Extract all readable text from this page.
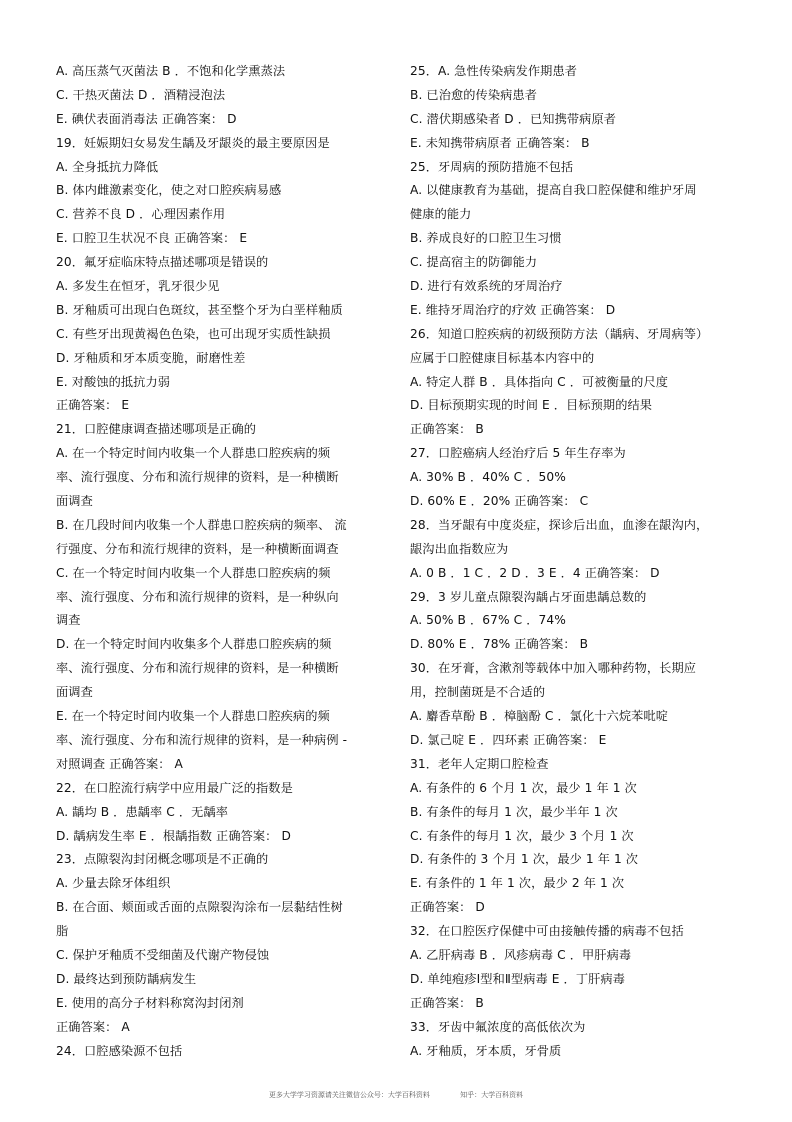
A. 高压蒸气灭菌法 B ．不饱和化学熏蒸法
C. 干热灭菌法 D ．酒精浸泡法
E. 碘伏表面消毒法 正确答案： D
19．妊娠期妇女易发生龋及牙龈炎的最主要原因是
A. 全身抵抗力降低
B. 体内雌激素变化，使之对口腔疾病易感
C. 营养不良 D ．心理因素作用
E. 口腔卫生状况不良 正确答案： E
20．氟牙症临床特点描述哪项是错误的
A. 多发生在恒牙，乳牙很少见
B. 牙釉质可出现白色斑纹，甚至整个牙为白垩样釉质
C. 有些牙出现黄褐色色染，也可出现牙实质性缺损
D. 牙釉质和牙本质变脆，耐磨性差
E. 对酸蚀的抵抗力弱
正确答案： E
21．口腔健康调查描述哪项是正确的
A. 在一个特定时间内收集一个人群患口腔疾病的频
率、流行强度、分布和流行规律的资料，是一种横断
面调查
B. 在几段时间内收集一个人群患口腔疾病的频率、 流
行强度、分布和流行规律的资料，是一种横断面调查
C. 在一个特定时间内收集一个人群患口腔疾病的频
率、流行强度、分布和流行规律的资料，是一种纵向
调查
D. 在一个特定时间内收集多个人群患口腔疾病的频
率、流行强度、分布和流行规律的资料，是一种横断
面调查
E. 在一个特定时间内收集一个人群患口腔疾病的频
率、流行强度、分布和流行规律的资料，是一种病例 -
对照调查 正确答案： A
22．在口腔流行病学中应用最广泛的指数是
A. 龋均 B ．患龋率 C ．无龋率
D. 龋病发生率 E ．根龋指数 正确答案： D
23．点隙裂沟封闭概念哪项是不正确的
A. 少量去除牙体组织
B. 在合面、颊面或舌面的点隙裂沟涂布一层黏结性树
脂
C. 保护牙釉质不受细菌及代谢产物侵蚀
D. 最终达到预防龋病发生
E. 使用的高分子材料称窝沟封闭剂
正确答案： A
24．口腔感染源不包括
25．A. 急性传染病发作期患者
B. 已治愈的传染病患者
C. 潜伏期感染者 D ．已知携带病原者
E. 未知携带病原者 正确答案： B
25．牙周病的预防措施不包括
A. 以健康教育为基础，提高自我口腔保健和维护牙周
健康的能力
B. 养成良好的口腔卫生习惯
C. 提高宿主的防御能力
D. 进行有效系统的牙周治疗
E. 维持牙周治疗的疗效 正确答案： D
26．知道口腔疾病的初级预防方法（龋病、牙周病等）
应属于口腔健康目标基本内容中的
A. 特定人群 B ．具体指向 C ．可被衡量的尺度
D. 目标预期实现的时间 E ．目标预期的结果
正确答案： B
27．口腔癌病人经治疗后 5 年生存率为
A. 30% B ．40% C ．50%
D. 60% E ．20% 正确答案： C
28．当牙龈有中度炎症，探诊后出血，血渗在龈沟内，
龈沟出血指数应为
A. 0 B ．1 C ．2 D ．3 E ．4 正确答案： D
29．3 岁儿童点隙裂沟龋占牙面患龋总数的
A. 50% B ．67% C ．74%
D. 80% E ．78% 正确答案： B
30．在牙膏，含漱剂等载体中加入哪种药物，长期应
用，控制菌斑是不合适的
A. 麝香草酚 B ．樟脑酚 C ．氯化十六烷苯吡啶
D. 氯己啶 E ．四环素 正确答案： E
31．老年人定期口腔检查
A. 有条件的 6 个月 1 次，最少 1 年 1 次
B. 有条件的每月 1 次，最少半年 1 次
C. 有条件的每月 1 次，最少 3 个月 1 次
D. 有条件的 3 个月 1 次，最少 1 年 1 次
E. 有条件的 1 年 1 次，最少 2 年 1 次
正确答案： D
32．在口腔医疗保健中可由接触传播的病毒不包括
A. 乙肝病毒 B ．风疹病毒 C ．甲肝病毒
D. 单纯疱疹Ⅰ型和Ⅱ型病毒 E ．丁肝病毒
正确答案： B
33．牙齿中氟浓度的高低依次为
A. 牙釉质，牙本质，牙骨质
更多大学学习资源请关注微信公众号：大学百科资料	知乎：大学百科资料
